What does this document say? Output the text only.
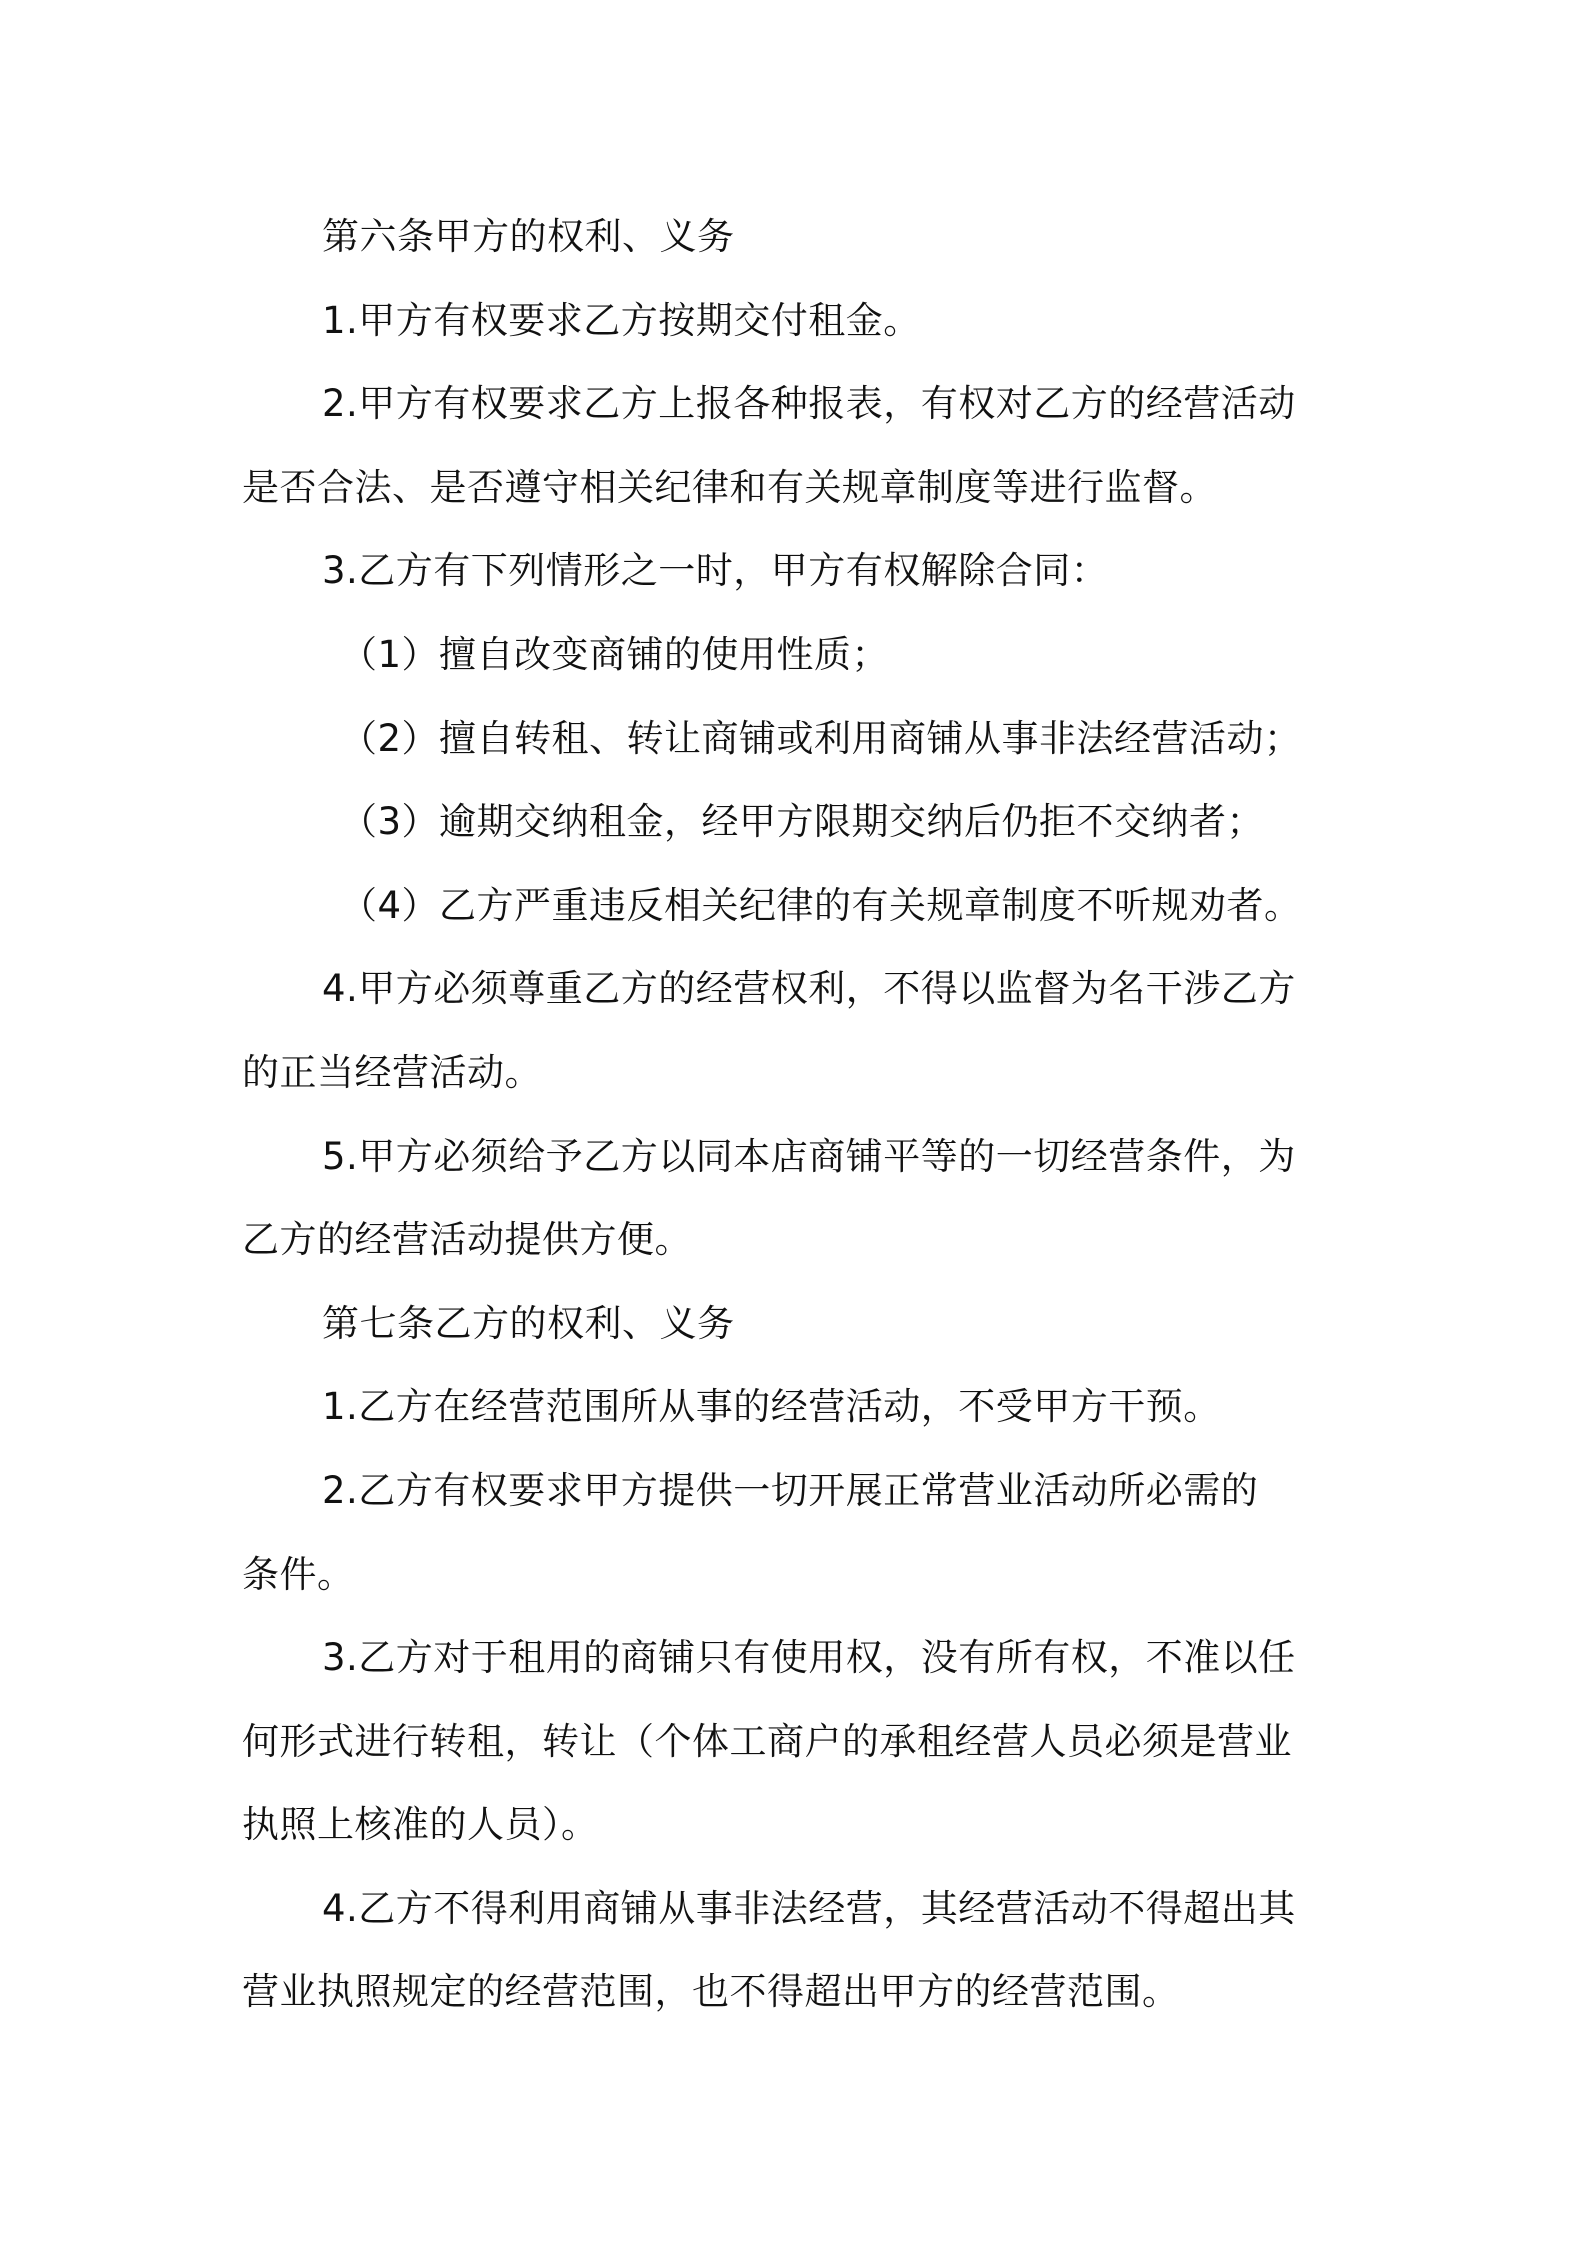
第六条甲方的权利、义务
1.甲方有权要求乙方按期交付租金。
2.甲方有权要求乙方上报各种报表，有权对乙方的经营活动
是否合法、是否遵守相关纪律和有关规章制度等进行监督。
3.乙方有下列情形之一时，甲方有权解除合同：
（1）擅自改变商铺的使用性质；
（2）擅自转租、转让商铺或利用商铺从事非法经营活动；
（3）逾期交纳租金，经甲方限期交纳后仍拒不交纳者；
（4）乙方严重违反相关纪律的有关规章制度不听规劝者。
4.甲方必须尊重乙方的经营权利，不得以监督为名干涉乙方
的正当经营活动。
5.甲方必须给予乙方以同本店商铺平等的一切经营条件，为
乙方的经营活动提供方便。
第七条乙方的权利、义务
1.乙方在经营范围所从事的经营活动，不受甲方干预。
2.乙方有权要求甲方提供一切开展正常营业活动所必需的
条件。
3.乙方对于租用的商铺只有使用权，没有所有权，不准以任
何形式进行转租，转让（个体工商户的承租经营人员必须是营业
执照上核准的人员）。
4.乙方不得利用商铺从事非法经营，其经营活动不得超出其
营业执照规定的经营范围，也不得超出甲方的经营范围。
